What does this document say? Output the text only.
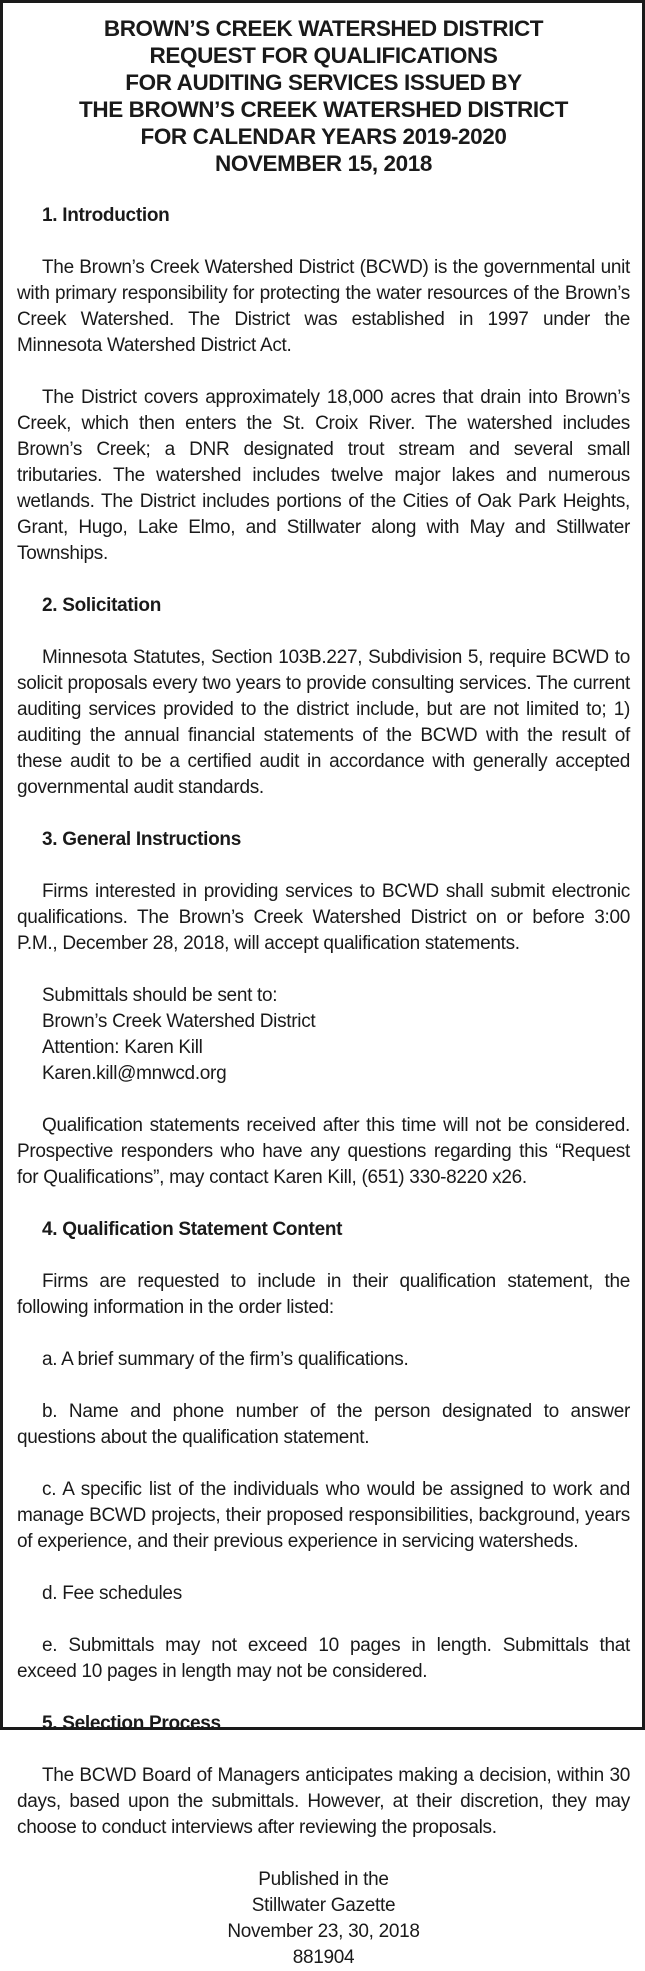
BROWN’S CREEK WATERSHED DISTRICT
REQUEST FOR QUALIFICATIONS
FOR AUDITING SERVICES ISSUED BY
THE BROWN’S CREEK WATERSHED DISTRICT
FOR CALENDAR YEARS 2019-2020
NOVEMBER 15, 2018
1. Introduction

The Brown’s Creek Watershed District (BCWD) is the governmental unit with primary responsibility for protecting the water resources of the Brown’s Creek Watershed. The District was established in 1997 under the Minnesota Watershed District Act.

The District covers approximately 18,000 acres that drain into Brown’s Creek, which then enters the St. Croix River. The watershed includes Brown’s Creek; a DNR designated trout stream and several small tributaries. The watershed includes twelve major lakes and numerous wetlands. The District includes portions of the Cities of Oak Park Heights, Grant, Hugo, Lake Elmo, and Stillwater along with May and Stillwater Townships.

2. Solicitation

Minnesota Statutes, Section 103B.227, Subdivision 5, require BCWD to solicit proposals every two years to provide consulting services. The current auditing services provided to the district include, but are not limited to; 1) auditing the annual financial statements of the BCWD with the result of these audit to be a certified audit in accordance with generally accepted governmental audit standards.

3. General Instructions

Firms interested in providing services to BCWD shall submit electronic qualifications. The Brown’s Creek Watershed District on or before 3:00 P.M., December 28, 2018, will accept qualification statements.

Submittals should be sent to:
Brown’s Creek Watershed District
Attention: Karen Kill
Karen.kill@mnwcd.org

Qualification statements received after this time will not be considered. Prospective responders who have any questions regarding this “Request for Qualifications”, may contact Karen Kill, (651) 330-8220 x26.

4. Qualification Statement Content

Firms are requested to include in their qualification statement, the following information in the order listed:

a. A brief summary of the firm’s qualifications.

b. Name and phone number of the person designated to answer questions about the qualification statement.

c. A specific list of the individuals who would be assigned to work and manage BCWD projects, their proposed responsibilities, background, years of experience, and their previous experience in servicing watersheds.

d. Fee schedules

e. Submittals may not exceed 10 pages in length. Submittals that exceed 10 pages in length may not be considered.

5. Selection Process

The BCWD Board of Managers anticipates making a decision, within 30 days, based upon the submittals. However, at their discretion, they may choose to conduct interviews after reviewing the proposals.

Published in the
Stillwater Gazette
November 23, 30, 2018
881904
